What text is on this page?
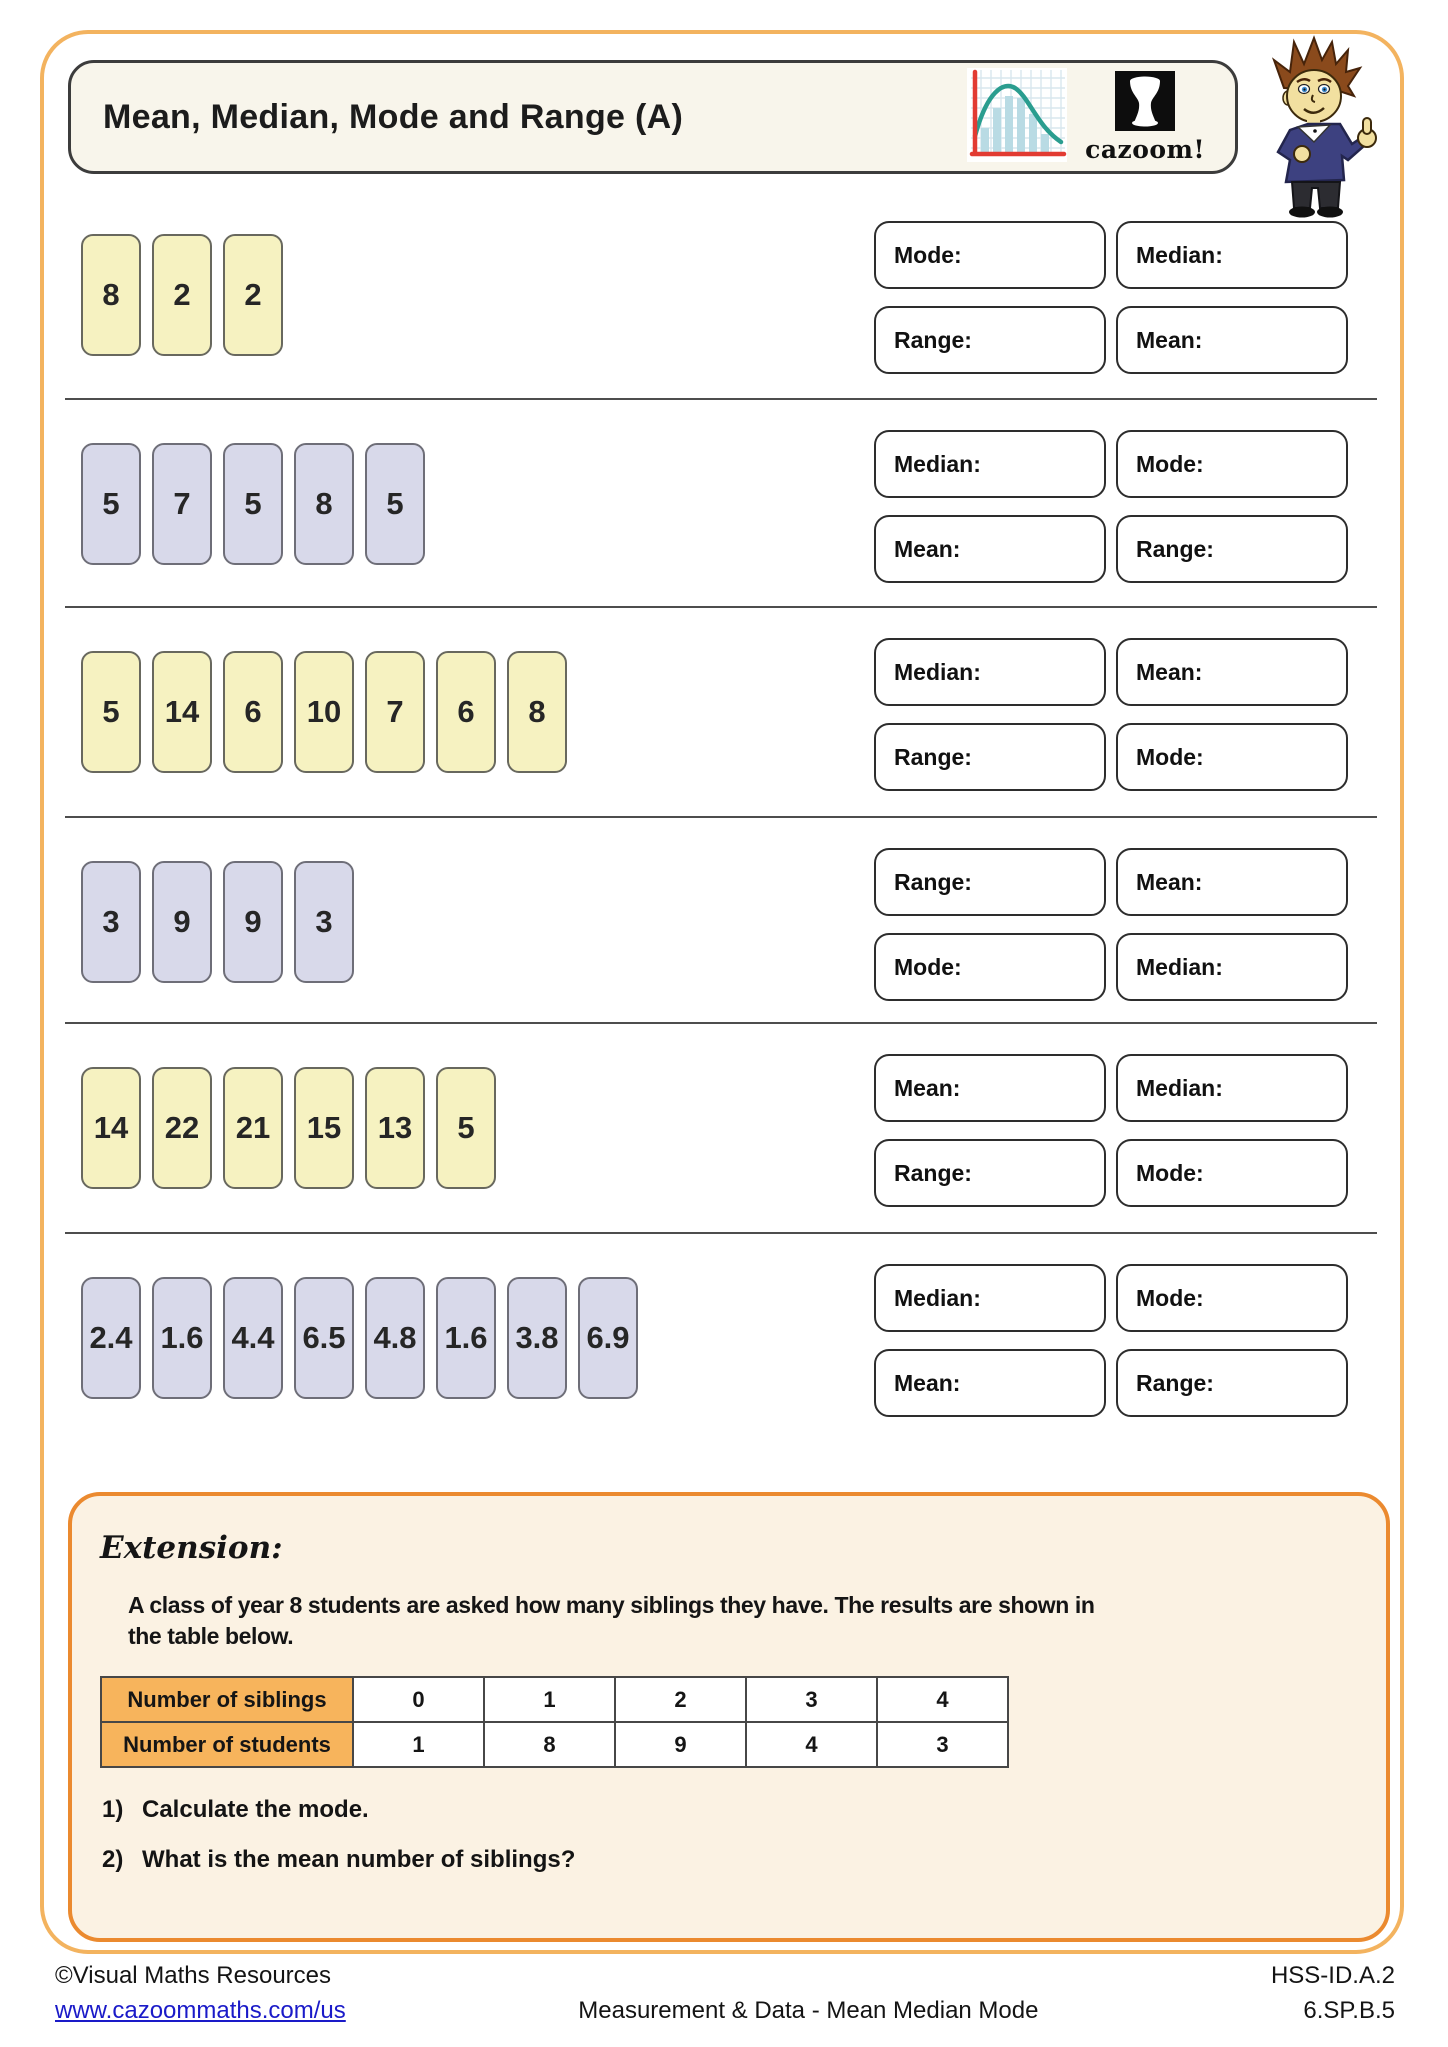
Mean, Median, Mode and Range (A)
cazoom!
8	2	2
Mode:	Median:
Range:	Mean:
5	7	5	8	5
Median:	Mode:
Mean:	Range:
5	14	6	10	7	6	8
Median:	Mean:
Range:	Mode:
3	9	9	3
Range:	Mean:
Mode:	Median:
14	22	21	15	13	5
Mean:	Median:
Range:	Mode:
2.4 1.6 4.4 6.5 4.8 1.6 3.8 6.9
Median:	Mode:
Mean:	Range:
Extension:
A class of year 8 students are asked how many siblings they have. The results are shown in
the table below.
Number of siblings	0	1	2	3	4
Number of students	1	8	9	4	3
1) Calculate the mode.
2) What is the mean number of siblings?
©Visual Maths Resources
www.cazoommaths.com/us	Measurement & Data - Mean Median Mode
HSS-ID.A.2
6.SP.B.5
